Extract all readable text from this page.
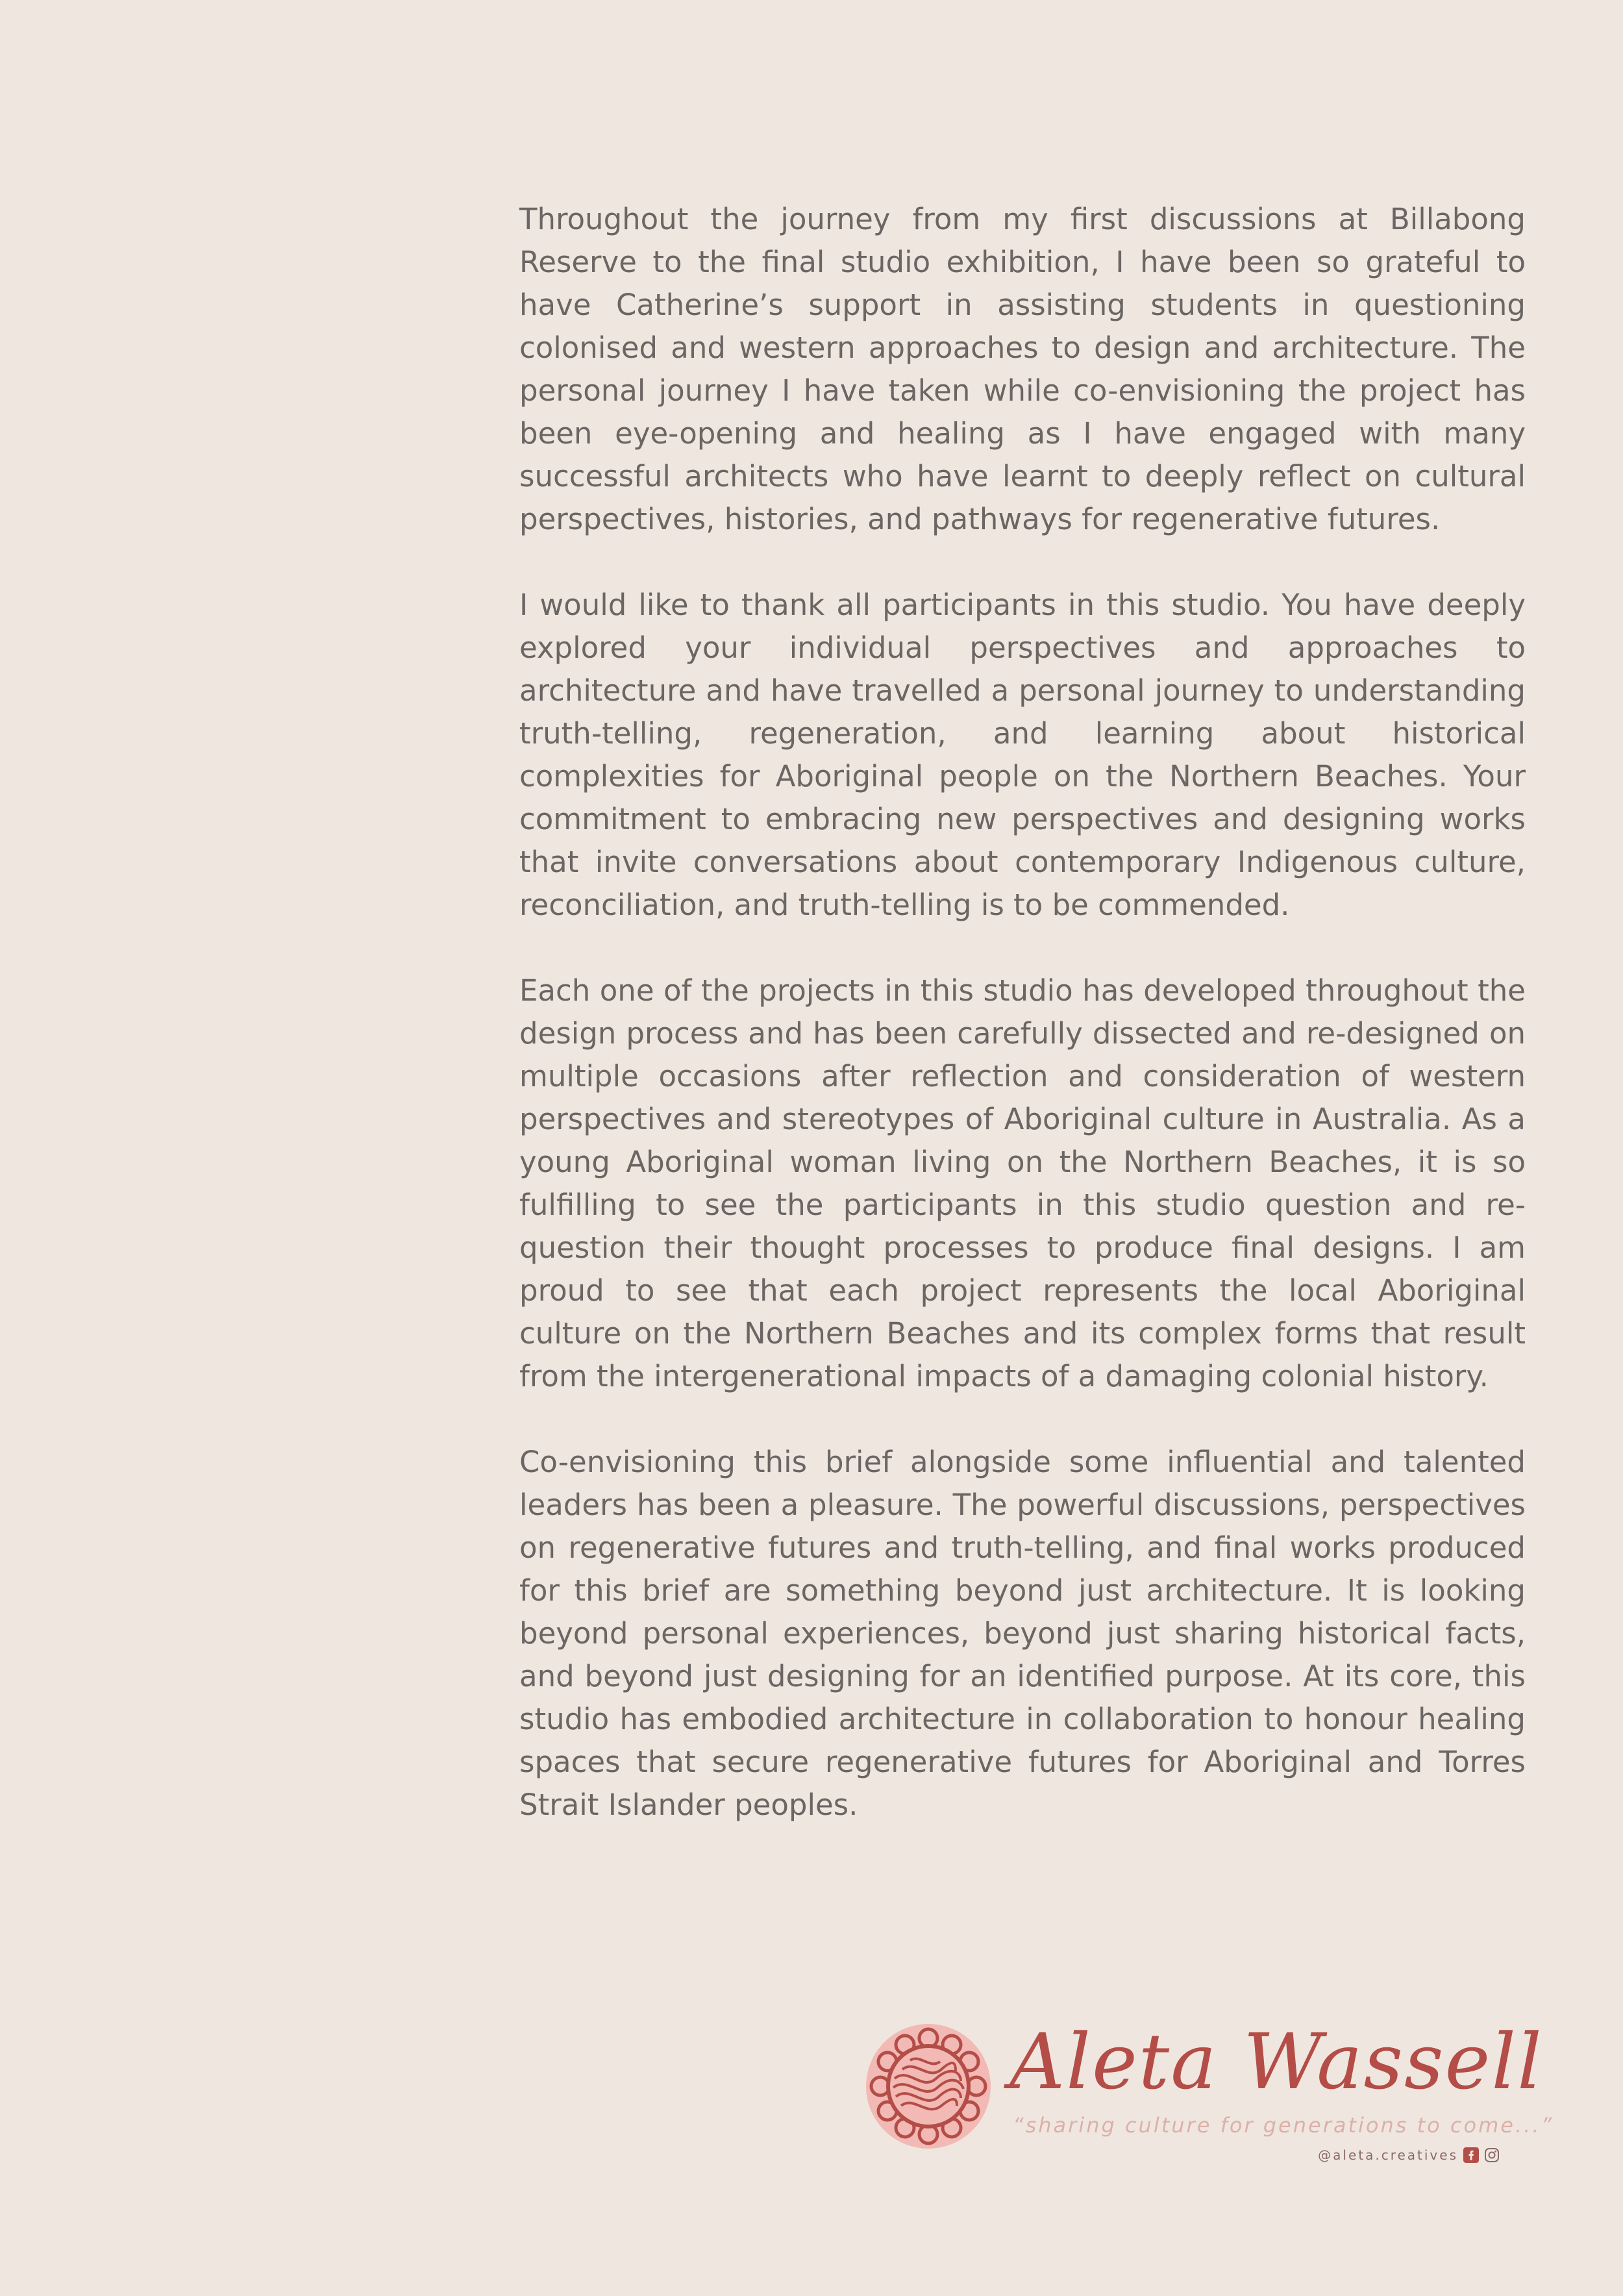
Throughout the journey from my first discussions at Billabong Reserve to the final studio exhibition, I have been so grateful to have Catherine’s support in assisting students in questioning colonised and western approaches to design and architecture. The personal journey I have taken while co-envisioning the project has been eye-opening and healing as I have engaged with many successful architects who have learnt to deeply reflect on cultural perspectives, histories, and pathways for regenerative futures.

I would like to thank all participants in this studio. You have deeply explored your individual perspectives and approaches to architecture and have travelled a personal journey to understanding truth-telling, regeneration, and learning about historical complexities for Aboriginal people on the Northern Beaches. Your commitment to embracing new perspectives and designing works that invite conversations about contemporary Indigenous culture, reconciliation, and truth-telling is to be commended.

Each one of the projects in this studio has developed throughout the design process and has been carefully dissected and re-designed on multiple occasions after reflection and consideration of western perspectives and stereotypes of Aboriginal culture in Australia. As a young Aboriginal woman living on the Northern Beaches, it is so fulfilling to see the participants in this studio question and re-question their thought processes to produce final designs. I am proud to see that each project represents the local Aboriginal culture on the Northern Beaches and its complex forms that result from the intergenerational impacts of a damaging colonial history.

Co-envisioning this brief alongside some influential and talented leaders has been a pleasure. The powerful discussions, perspectives on regenerative futures and truth-telling, and final works produced for this brief are something beyond just architecture. It is looking beyond personal experiences, beyond just sharing historical facts, and beyond just designing for an identified purpose. At its core, this studio has embodied architecture in collaboration to honour healing spaces that secure regenerative futures for Aboriginal and Torres Strait Islander peoples.

Aleta Wassell
“sharing culture for generations to come...”
@aleta.creatives
